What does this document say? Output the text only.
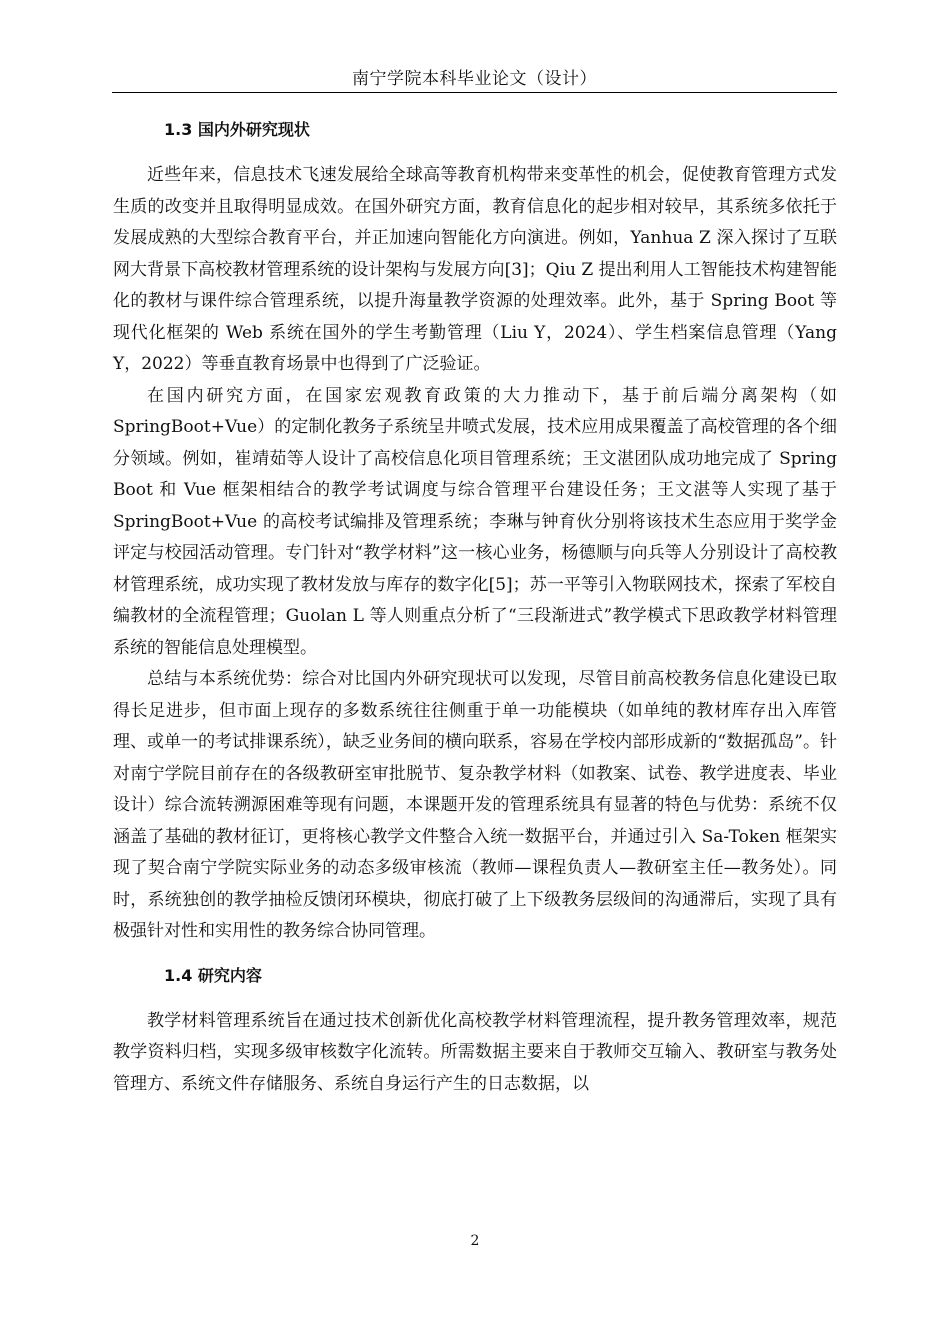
南宁学院本科毕业论文（设计）
1.3 国内外研究现状

近些年来，信息技术飞速发展给全球高等教育机构带来变革性的机会，促使教育管理方式发生质的改变并且取得明显成效。在国外研究方面，教育信息化的起步相对较早，其系统多依托于发展成熟的大型综合教育平台，并正加速向智能化方向演进。例如，Yanhua Z 深入探讨了互联网大背景下高校教材管理系统的设计架构与发展方向[3]；Qiu Z 提出利用人工智能技术构建智能化的教材与课件综合管理系统，以提升海量教学资源的处理效率。此外，基于 Spring Boot 等现代化框架的 Web 系统在国外的学生考勤管理（Liu Y，2024）、学生档案信息管理（Yang Y，2022）等垂直教育场景中也得到了广泛验证。

在国内研究方面，在国家宏观教育政策的大力推动下，基于前后端分离架构（如 SpringBoot+Vue）的定制化教务子系统呈井喷式发展，技术应用成果覆盖了高校管理的各个细分领域。例如，崔靖茹等人设计了高校信息化项目管理系统；王文湛团队成功地完成了 Spring Boot 和 Vue 框架相结合的教学考试调度与综合管理平台建设任务；王文湛等人实现了基于 SpringBoot+Vue 的高校考试编排及管理系统；李琳与钟育伙分别将该技术生态应用于奖学金评定与校园活动管理。专门针对“教学材料”这一核心业务，杨德顺与向兵等人分别设计了高校教材管理系统，成功实现了教材发放与库存的数字化[5]；苏一平等引入物联网技术，探索了军校自编教材的全流程管理；Guolan L 等人则重点分析了“三段渐进式”教学模式下思政教学材料管理系统的智能信息处理模型。

总结与本系统优势：综合对比国内外研究现状可以发现，尽管目前高校教务信息化建设已取得长足进步，但市面上现存的多数系统往往侧重于单一功能模块（如单纯的教材库存出入库管理、或单一的考试排课系统），缺乏业务间的横向联系，容易在学校内部形成新的“数据孤岛”。针对南宁学院目前存在的各级教研室审批脱节、复杂教学材料（如教案、试卷、教学进度表、毕业设计）综合流转溯源困难等现有问题，本课题开发的管理系统具有显著的特色与优势：系统不仅涵盖了基础的教材征订，更将核心教学文件整合入统一数据平台，并通过引入 Sa-Token 框架实现了契合南宁学院实际业务的动态多级审核流（教师—课程负责人—教研室主任—教务处）。同时，系统独创的教学抽检反馈闭环模块，彻底打破了上下级教务层级间的沟通滞后，实现了具有极强针对性和实用性的教务综合协同管理。

1.4 研究内容

教学材料管理系统旨在通过技术创新优化高校教学材料管理流程，提升教务管理效率，规范教学资料归档，实现多级审核数字化流转。所需数据主要来自于教师交互输入、教研室与教务处管理方、系统文件存储服务、系统自身运行产生的日志数据，以

2
